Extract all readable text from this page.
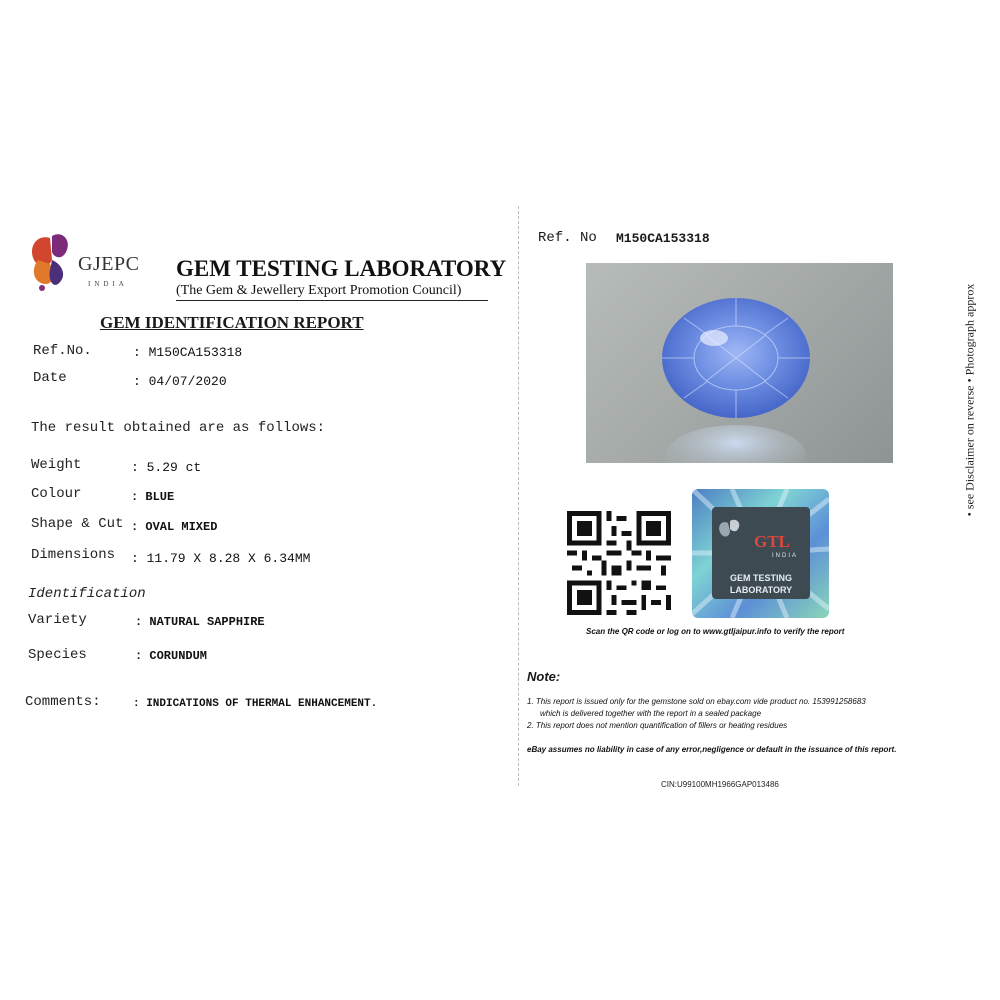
GJEPC
INDIA
GEM TESTING LABORATORY
(The Gem & Jewellery Export Promotion Council)
GEM IDENTIFICATION REPORT
Ref.No.	: M150CA153318
Date	: 04/07/2020
The result obtained are as follows:
Weight	: 5.29 ct
Colour	: BLUE
Shape & Cut : OVAL MIXED
Dimensions : 11.79 X 8.28 X 6.34MM
Identification
Variety	: NATURAL SAPPHIRE
Species	: CORUNDUM
Comments:	: INDICATIONS OF THERMAL ENHANCEMENT.
Ref. No M150CA153318
GTL
INDIA
GEM TESTING
LABORATORY
Scan the QR code or log on to www.gtljaipur.info to verify the report
Note:
1. This report is issued only for the gemstone sold on ebay.com vide product no. 153991258683
which is delivered together with the report in a sealed package
2. This report does not mention quantification of fillers or heating residues
eBay assumes no liability in case of any error,negligence or default in the issuance of this report.
CIN:U99100MH1966GAP013486
• see Disclaimer on reverse • Photograph approx
